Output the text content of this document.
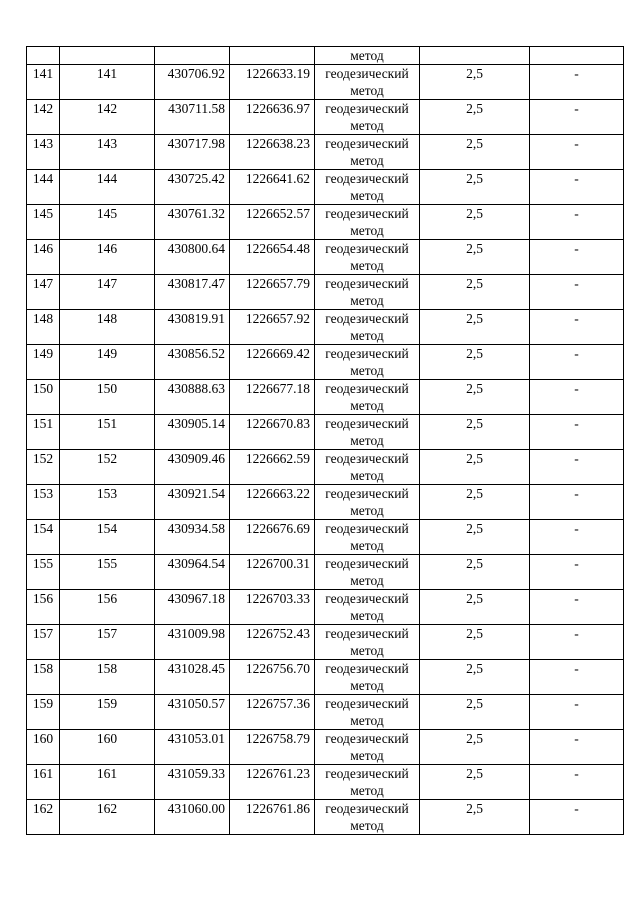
				метод		
141	141	430706.92	1226633.19	геодезический метод	2,5	-
142	142	430711.58	1226636.97	геодезический метод	2,5	-
143	143	430717.98	1226638.23	геодезический метод	2,5	-
144	144	430725.42	1226641.62	геодезический метод	2,5	-
145	145	430761.32	1226652.57	геодезический метод	2,5	-
146	146	430800.64	1226654.48	геодезический метод	2,5	-
147	147	430817.47	1226657.79	геодезический метод	2,5	-
148	148	430819.91	1226657.92	геодезический метод	2,5	-
149	149	430856.52	1226669.42	геодезический метод	2,5	-
150	150	430888.63	1226677.18	геодезический метод	2,5	-
151	151	430905.14	1226670.83	геодезический метод	2,5	-
152	152	430909.46	1226662.59	геодезический метод	2,5	-
153	153	430921.54	1226663.22	геодезический метод	2,5	-
154	154	430934.58	1226676.69	геодезический метод	2,5	-
155	155	430964.54	1226700.31	геодезический метод	2,5	-
156	156	430967.18	1226703.33	геодезический метод	2,5	-
157	157	431009.98	1226752.43	геодезический метод	2,5	-
158	158	431028.45	1226756.70	геодезический метод	2,5	-
159	159	431050.57	1226757.36	геодезический метод	2,5	-
160	160	431053.01	1226758.79	геодезический метод	2,5	-
161	161	431059.33	1226761.23	геодезический метод	2,5	-
162	162	431060.00	1226761.86	геодезический метод	2,5	-
